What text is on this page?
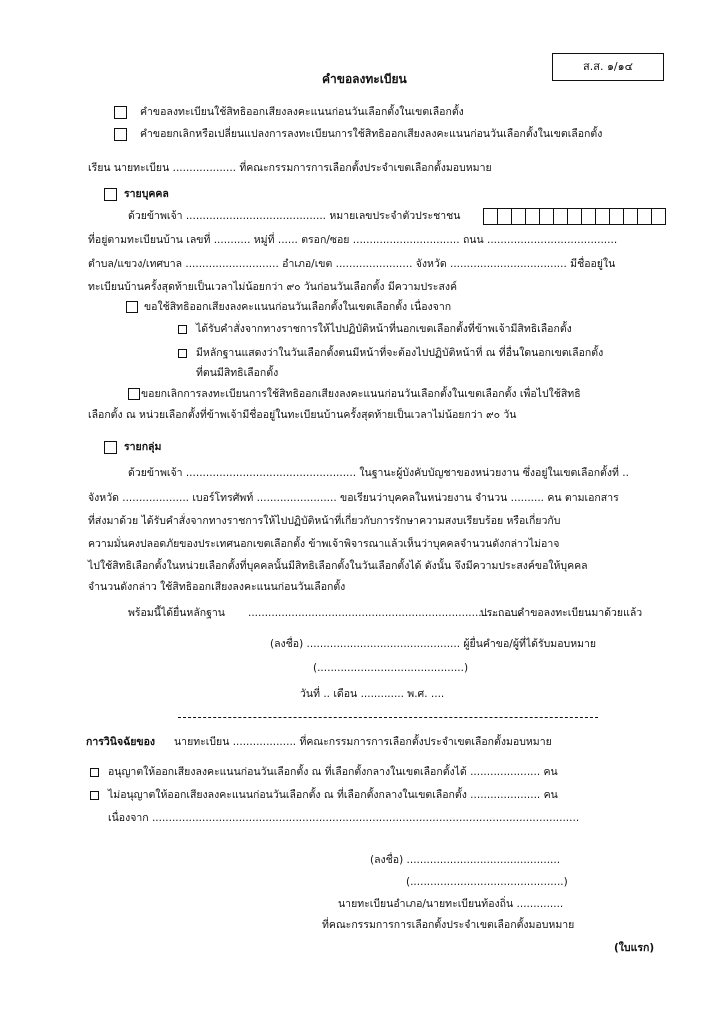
ส.ส. ๑/๑๔
คำขอลงทะเบียน
คำขอลงทะเบียนใช้สิทธิออกเสียงลงคะแนนก่อนวันเลือกตั้งในเขตเลือกตั้ง
คำขอยกเลิกหรือเปลี่ยนแปลงการลงทะเบียนการใช้สิทธิออกเสียงลงคะแนนก่อนวันเลือกตั้งในเขตเลือกตั้ง
เรียน นายทะเบียน ................... ที่คณะกรรมการการเลือกตั้งประจำเขตเลือกตั้งมอบหมาย
รายบุคคล
ด้วยข้าพเจ้า .......................................... หมายเลขประจำตัวประชาชน
ที่อยู่ตามทะเบียนบ้าน เลขที่ ........... หมู่ที่ ...... ตรอก/ซอย ................................ ถนน .......................................
ตำบล/แขวง/เทศบาล ............................ อำเภอ/เขต ....................... จังหวัด ................................... มีชื่ออยู่ใน
ทะเบียนบ้านครั้งสุดท้ายเป็นเวลาไม่น้อยกว่า ๙๐ วันก่อนวันเลือกตั้ง มีความประสงค์
ขอใช้สิทธิออกเสียงลงคะแนนก่อนวันเลือกตั้งในเขตเลือกตั้ง เนื่องจาก
ได้รับคำสั่งจากทางราชการให้ไปปฏิบัติหน้าที่นอกเขตเลือกตั้งที่ข้าพเจ้ามีสิทธิเลือกตั้ง
มีหลักฐานแสดงว่าในวันเลือกตั้งตนมีหน้าที่จะต้องไปปฏิบัติหน้าที่ ณ ที่อื่นใดนอกเขตเลือกตั้ง
ที่ตนมีสิทธิเลือกตั้ง
ขอยกเลิกการลงทะเบียนการใช้สิทธิออกเสียงลงคะแนนก่อนวันเลือกตั้งในเขตเลือกตั้ง เพื่อไปใช้สิทธิ
เลือกตั้ง ณ หน่วยเลือกตั้งที่ข้าพเจ้ามีชื่ออยู่ในทะเบียนบ้านครั้งสุดท้ายเป็นเวลาไม่น้อยกว่า ๙๐ วัน
รายกลุ่ม
ด้วยข้าพเจ้า ................................................... ในฐานะผู้บังคับบัญชาของหน่วยงาน ซึ่งอยู่ในเขตเลือกตั้งที่ ..
จังหวัด .................... เบอร์โทรศัพท์ ........................ ขอเรียนว่าบุคคลในหน่วยงาน จำนวน .......... คน ตามเอกสาร
ที่ส่งมาด้วย ได้รับคำสั่งจากทางราชการให้ไปปฏิบัติหน้าที่เกี่ยวกับการรักษาความสงบเรียบร้อย หรือเกี่ยวกับ
ความมั่นคงปลอดภัยของประเทศนอกเขตเลือกตั้ง ข้าพเจ้าพิจารณาแล้วเห็นว่าบุคคลจำนวนดังกล่าวไม่อาจ
ไปใช้สิทธิเลือกตั้งในหน่วยเลือกตั้งที่บุคคลนั้นมีสิทธิเลือกตั้งในวันเลือกตั้งได้ ดังนั้น จึงมีความประสงค์ขอให้บุคคล
จำนวนดังกล่าว ใช้สิทธิออกเสียงลงคะแนนก่อนวันเลือกตั้ง
พร้อมนี้ได้ยื่นหลักฐาน ..................................................................................
ประกอบคำขอลงทะเบียนมาด้วยแล้ว
(ลงชื่อ) .............................................. ผู้ยื่นคำขอ/ผู้ที่ได้รับมอบหมาย
(............................................)
วันที่ .. เดือน ............. พ.ศ. ....
การวินิจฉัยของ นายทะเบียน ................... ที่คณะกรรมการการเลือกตั้งประจำเขตเลือกตั้งมอบหมาย
อนุญาตให้ออกเสียงลงคะแนนก่อนวันเลือกตั้ง ณ ที่เลือกตั้งกลางในเขตเลือกตั้งได้ ..................... คน
ไม่อนุญาตให้ออกเสียงลงคะแนนก่อนวันเลือกตั้ง ณ ที่เลือกตั้งกลางในเขตเลือกตั้ง ..................... คน
เนื่องจาก ................................................................................................................................
(ลงชื่อ) ..............................................
(..............................................)
นายทะเบียนอำเภอ/นายทะเบียนท้องถิ่น ..............
ที่คณะกรรมการการเลือกตั้งประจำเขตเลือกตั้งมอบหมาย
(ใบแรก)
